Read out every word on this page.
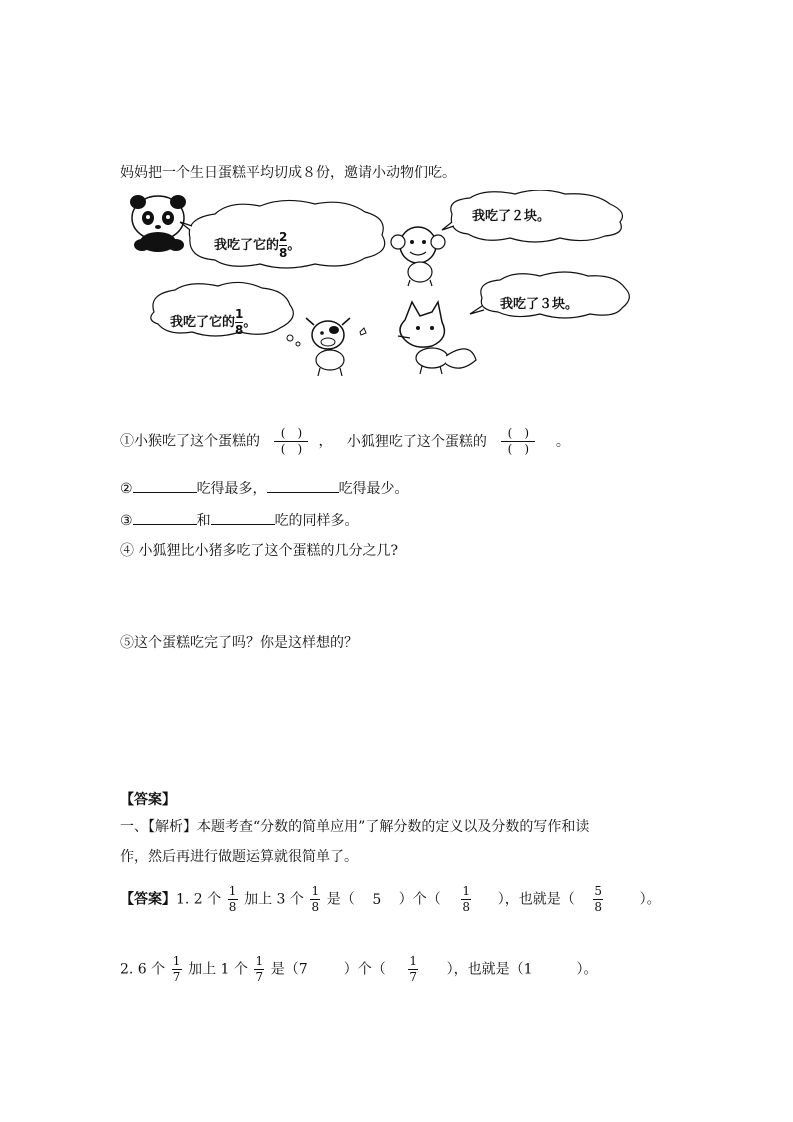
妈妈把一个生日蛋糕平均切成８份，邀请小动物们吃。
我吃了它的 $\frac{2}{8}$ 。
我吃了２块。
我吃了它的 $\frac{1}{8}$ 。
我吃了３块。
①小猴吃了这个蛋糕的 $\frac{( )}{( )}$ ， 小狐狸吃了这个蛋糕的 $\frac{( )}{( )}$ 。
②	吃得最多，	吃得最少。
③	和	吃的同样多。
④ 小狐狸比小猪多吃了这个蛋糕的几分之几?
⑤这个蛋糕吃完了吗？你是这样想的？
【答案】
一、【解析】本题考查“分数的简单应用”了解分数的定义以及分数的写作和读
作，然后再进行做题运算就很简单了。
【答案】1. 2 个 $\frac{1}{8}$ 加上 3 个 $\frac{1}{8}$ 是（ 5 ）个（ $\frac{1}{8}$ ），也就是（ $\frac{5}{8}$	）。
2. 6 个 $\frac{1}{7}$ 加上 1 个 $\frac{1}{7}$ 是（7	）个（ $\frac{1}{7}$ ），也就是（1	）。
